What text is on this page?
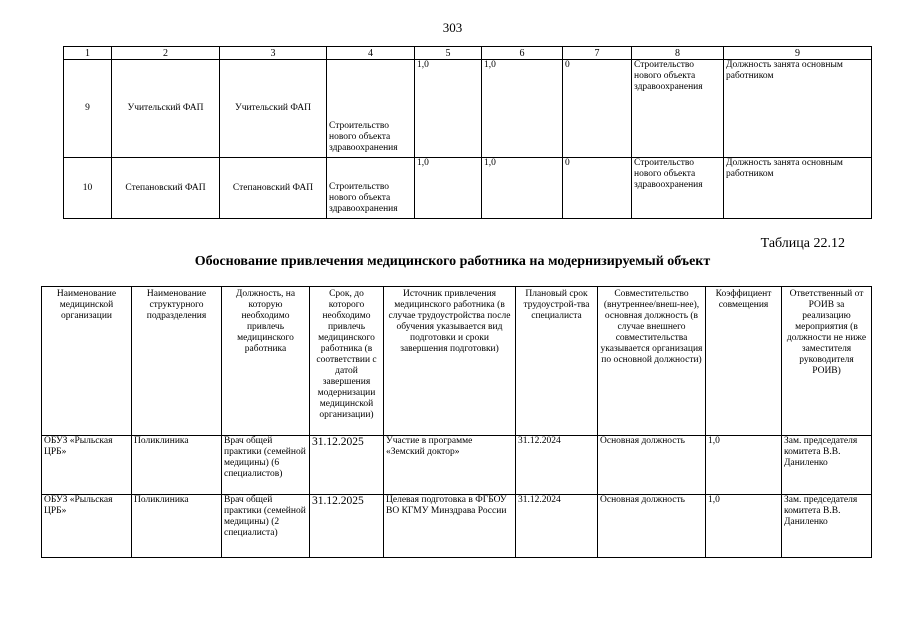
303
1	2	3	4	5	6	7	8	9
9	Учительский ФАП	Учительский ФАП	Строительство нового объекта здравоохранения	1,0	1,0	0	Строительство нового объекта здравоохранения	Должность занята основным работником
10	Степановский ФАП	Степановский ФАП	Строительство нового объекта здравоохранения	1,0	1,0	0	Строительство нового объекта здравоохранения	Должность занята основным работником
Таблица 22.12
Обоснование привлечения медицинского работника на модернизируемый объект
Наименование медицинской организации	Наименование структурного подразделения	Должность, на которую необходимо привлечь медицинского работника	Срок, до которого необходимо привлечь медицинского работника (в соответствии с датой завершения модернизации медицинской организации)	Источник привлечения медицинского работника (в случае трудоустройства после обучения указывается вид подготовки и сроки завершения подготовки)	Плановый срок трудоустрой-тва специалиста	Совместительство (внутреннее/внеш-нее), основная должность (в случае внешнего совместительства указывается организация по основной должности)	Коэффициент совмещения	Ответственный от РОИВ за реализацию мероприятия (в должности не ниже заместителя руководителя РОИВ)
ОБУЗ «Рыльская ЦРБ»	Поликлиника	Врач общей практики (семейной медицины) (6 специалистов)	31.12.2025	Участие в программе «Земский доктор»	31.12.2024	Основная должность	1,0	Зам. председателя комитета В.В. Даниленко
ОБУЗ «Рыльская ЦРБ»	Поликлиника	Врач общей практики (семейной медицины) (2 специалиста)	31.12.2025	Целевая подготовка в ФГБОУ ВО КГМУ Минздрава России	31.12.2024	Основная должность	1,0	Зам. председателя комитета В.В. Даниленко
